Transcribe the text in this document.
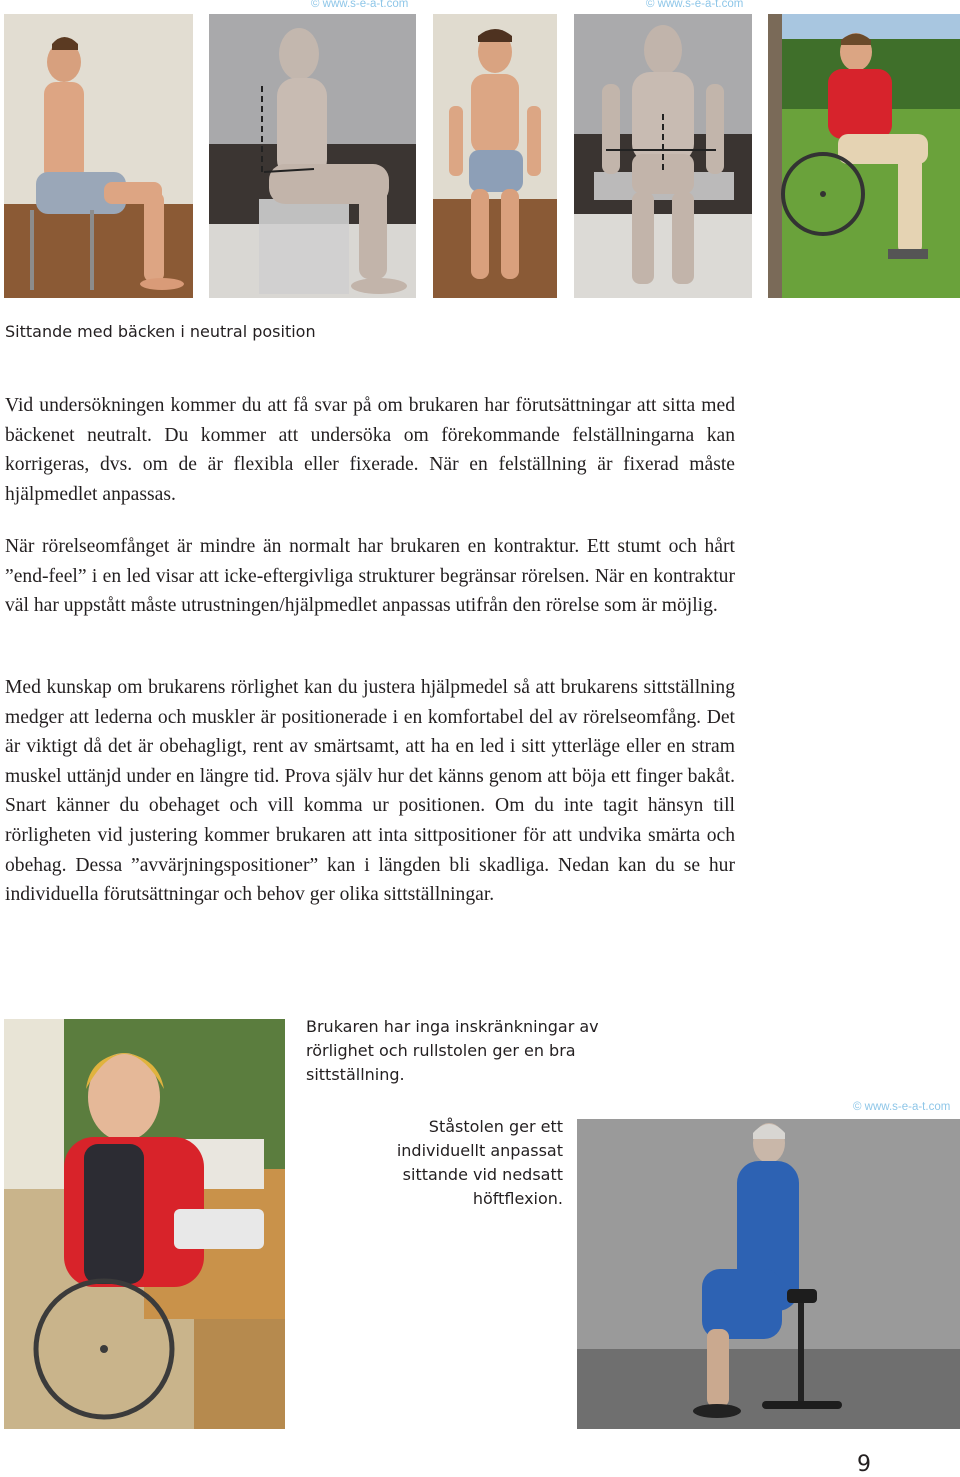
© www.s-e-a-t.com	© www.s-e-a-t.com
Sittande med bäcken i neutral position

Vid undersökningen kommer du att få svar på om brukaren har förutsättningar att sitta med bäckenet neutralt. Du kommer att undersöka om förekommande felställningarna kan korrigeras, dvs. om de är flexibla eller fixerade. När en felställning är fixerad måste hjälpmedlet anpassas.

När rörelseomfånget är mindre än normalt har brukaren en kontraktur. Ett stumt och hårt ”end-feel” i en led visar att icke-eftergivliga strukturer begränsar rörelsen. När en kontraktur väl har uppstått måste utrustningen/hjälpmedlet anpassas utifrån den rörelse som är möjlig.

Med kunskap om brukarens rörlighet kan du justera hjälpmedel så att brukarens sittställning medger att lederna och muskler är positionerade i en komfortabel del av rörelseomfång. Det är viktigt då det är obehagligt, rent av smärtsamt, att ha en led i sitt ytterläge eller en stram muskel uttänjd under en längre tid. Prova själv hur det känns genom att böja ett finger bakåt. Snart känner du obehaget och vill komma ur positionen. Om du inte tagit hänsyn till rörligheten vid justering kommer brukaren att inta sittpositioner för att undvika smärta och obehag. Dessa ”avvärjningspositioner” kan i längden bli skadliga. Nedan kan du se hur individuella förutsättningar och behov ger olika sittställningar.

Brukaren har inga inskränkningar av rörlighet och rullstolen ger en bra sittställning.
Ståstolen ger ett individuellt anpassat sittande vid nedsatt höftflexion.
© www.s-e-a-t.com
9
